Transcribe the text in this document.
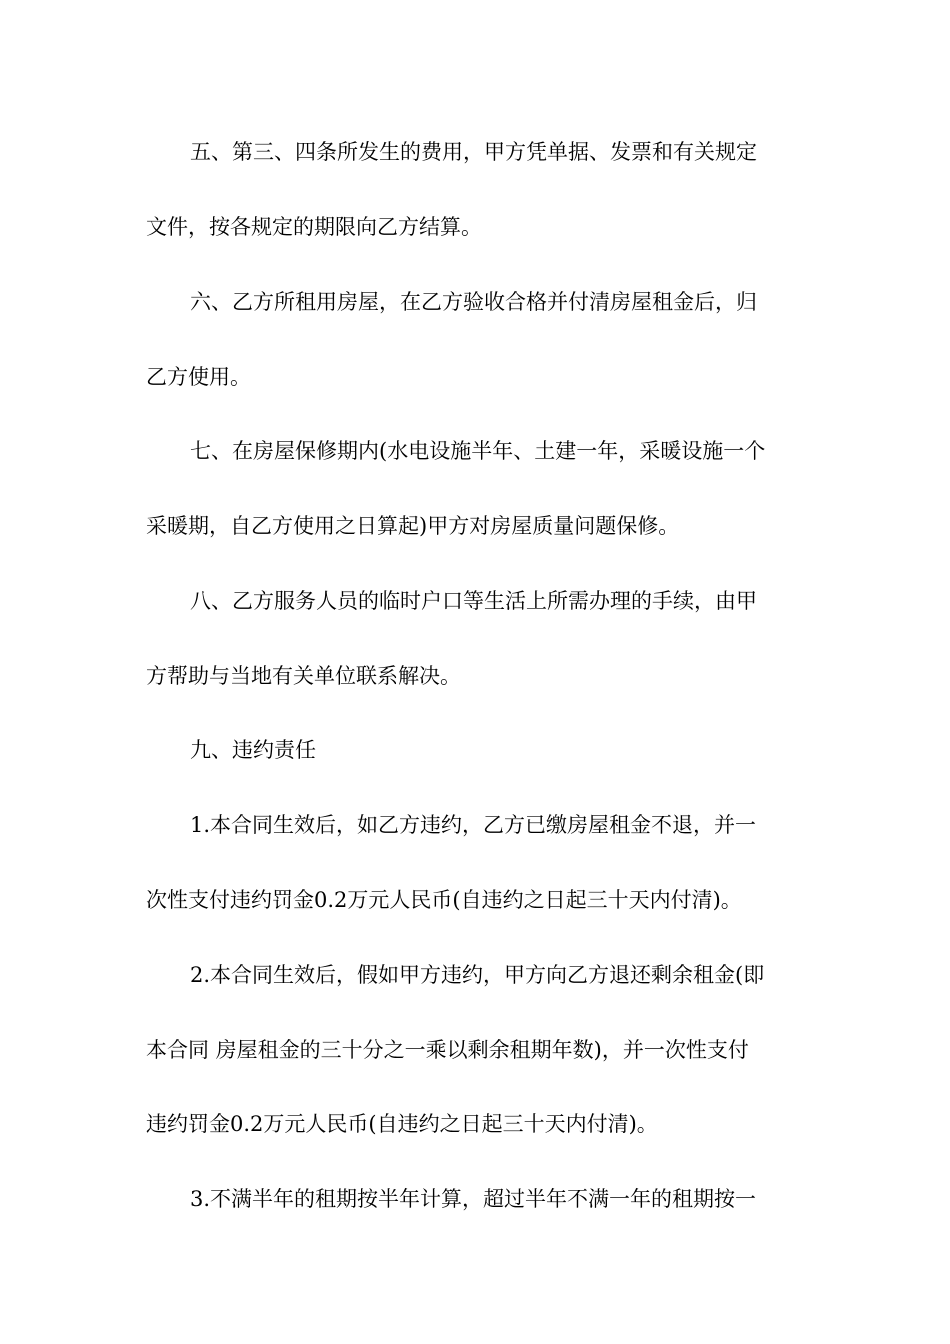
五、第三、四条所发生的费用，甲方凭单据、发票和有关规定
文件，按各规定的期限向乙方结算。
六、乙方所租用房屋，在乙方验收合格并付清房屋租金后，归
乙方使用。
七、在房屋保修期内(水电设施半年、土建一年，采暖设施一个
采暖期，自乙方使用之日算起)甲方对房屋质量问题保修。
八、乙方服务人员的临时户口等生活上所需办理的手续，由甲
方帮助与当地有关单位联系解决。
九、违约责任
1.本合同生效后，如乙方违约，乙方已缴房屋租金不退，并一
次性支付违约罚金0.2万元人民币(自违约之日起三十天内付清)。
2.本合同生效后，假如甲方违约，甲方向乙方退还剩余租金(即
本合同 房屋租金的三十分之一乘以剩余租期年数)，并一次性支付
违约罚金0.2万元人民币(自违约之日起三十天内付清)。
3.不满半年的租期按半年计算，超过半年不满一年的租期按一
